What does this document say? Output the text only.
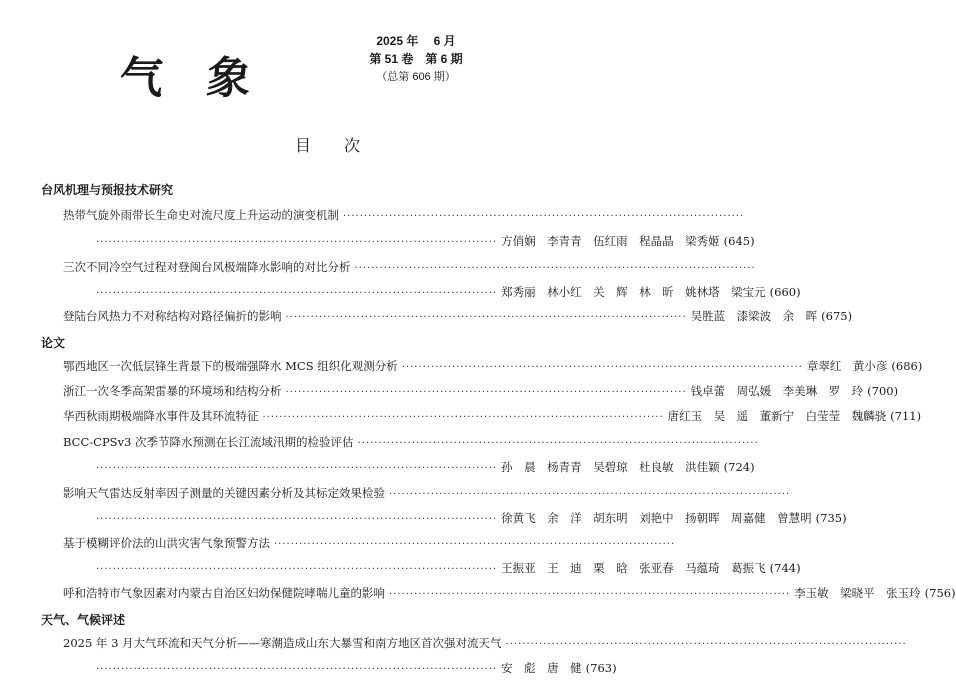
气 象
2025 年　 6 月
第 51 卷　第 6 期
（总第 606 期）
目 次
台风机理与预报技术研究
热带气旋外雨带长生命史对流尺度上升运动的演变机制 ································································································
································································································ 方俏娴　李青青　伍红雨　程晶晶　梁秀姬 (645)
三次不同冷空气过程对登闽台风极端降水影响的对比分析 ································································································
································································································ 郑秀丽　林小红　关　辉　林　昕　姚林塔　梁宝元 (660)
登陆台风热力不对称结构对路径偏折的影响 ································································································ 吴胜蓝　漆梁波　余　晖 (675)
论文
鄂西地区一次低层锋生背景下的极端强降水 MCS 组织化观测分析 ································································································ 章翠红　黄小彦 (686)
浙江一次冬季高架雷暴的环境场和结构分析 ································································································ 钱卓蕾　周弘媛　李美琳　罗　玲 (700)
华西秋雨期极端降水事件及其环流特征 ································································································ 唐红玉　吴　遥　董新宁　白莹莹　魏麟骁 (711)
BCC-CPSv3 次季节降水预测在长江流域汛期的检验评估 ································································································
································································································ 孙　晨　杨青青　吴碧琼　杜良敏　洪佳颖 (724)
影响天气雷达反射率因子测量的关键因素分析及其标定效果检验 ································································································
································································································ 徐黄飞　余　洋　胡东明　刘艳中　扬朝晖　周嘉健　曾慧明 (735)
基于模糊评价法的山洪灾害气象预警方法 ································································································
································································································ 王振亚　王　迪　栗　晗　张亚春　马蕴琦　葛振飞 (744)
呼和浩特市气象因素对内蒙古自治区妇幼保健院哮喘儿童的影响 ································································································ 李玉敏　梁晓平　张玉玲 (756)
天气、气候评述
2025 年 3 月大气环流和天气分析——寒潮造成山东大暴雪和南方地区首次强对流天气 ································································································
································································································ 安　彪　唐　健 (763)
